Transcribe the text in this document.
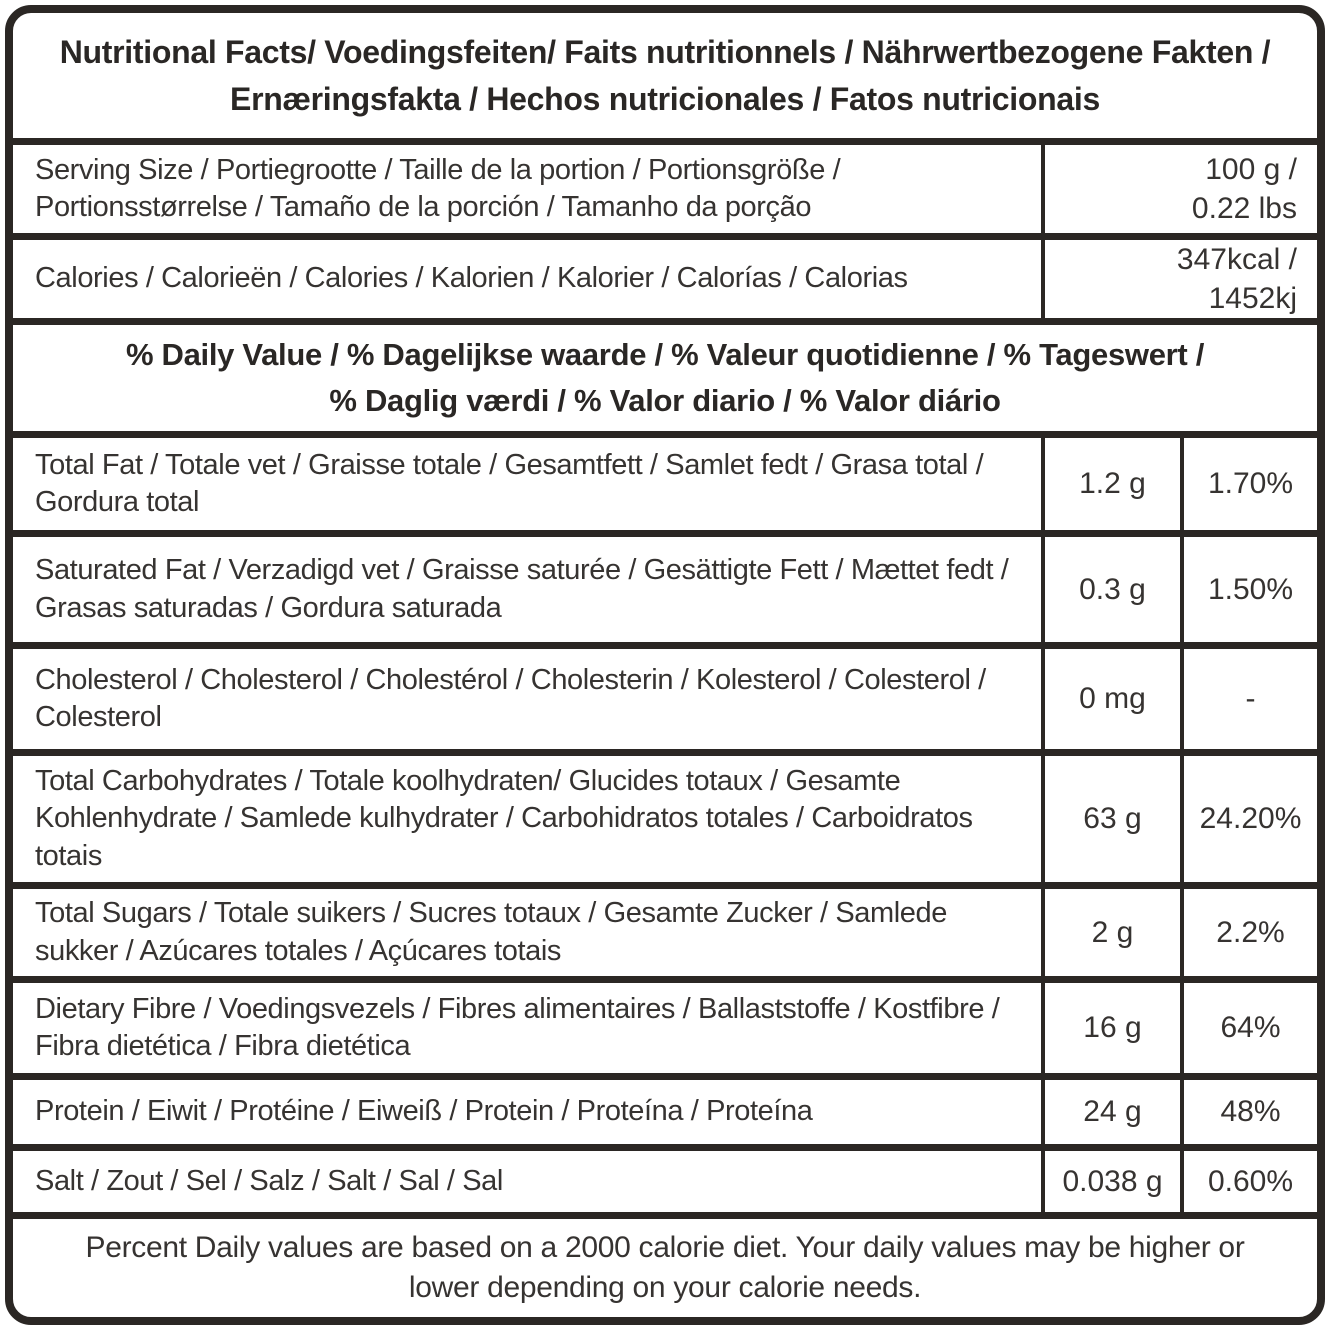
Nutritional Facts/ Voedingsfeiten/ Faits nutritionnels / Nährwertbezogene Fakten /
Ernæringsfakta / Hechos nutricionales / Fatos nutricionais
Serving Size / Portiegrootte / Taille de la portion / Portionsgröße / Portionsstørrelse / Tamaño de la porción / Tamanho da porção
100 g /
0.22 lbs
Calories / Calorieën / Calories / Kalorien / Kalorier / Calorías / Calorias
347kcal /
1452kj
% Daily Value / % Dagelijkse waarde / % Valeur quotidienne / % Tageswert /
% Daglig værdi / % Valor diario / % Valor diário
Total Fat / Totale vet / Graisse totale / Gesamtfett / Samlet fedt / Grasa total / Gordura total
1.2 g	1.70%
Saturated Fat / Verzadigd vet / Graisse saturée / Gesättigte Fett / Mættet fedt / Grasas saturadas / Gordura saturada
0.3 g	1.50%
Cholesterol / Cholesterol / Cholestérol / Cholesterin / Kolesterol / Colesterol / Colesterol
0 mg	-
Total Carbohydrates / Totale koolhydraten/ Glucides totaux / Gesamte Kohlenhydrate / Samlede kulhydrater / Carbohidratos totales / Carboidratos totais
63 g	24.20%
Total Sugars / Totale suikers / Sucres totaux / Gesamte Zucker / Samlede sukker / Azúcares totales / Açúcares totais
2 g	2.2%
Dietary Fibre / Voedingsvezels / Fibres alimentaires / Ballaststoffe / Kostfibre / Fibra dietética / Fibra dietética
16 g	64%
Protein / Eiwit / Protéine / Eiweiß / Protein / Proteína / Proteína	24 g	48%
Salt / Zout / Sel / Salz / Salt / Sal / Sal	0.038 g	0.60%
Percent Daily values are based on a 2000 calorie diet. Your daily values may be higher or
lower depending on your calorie needs.
